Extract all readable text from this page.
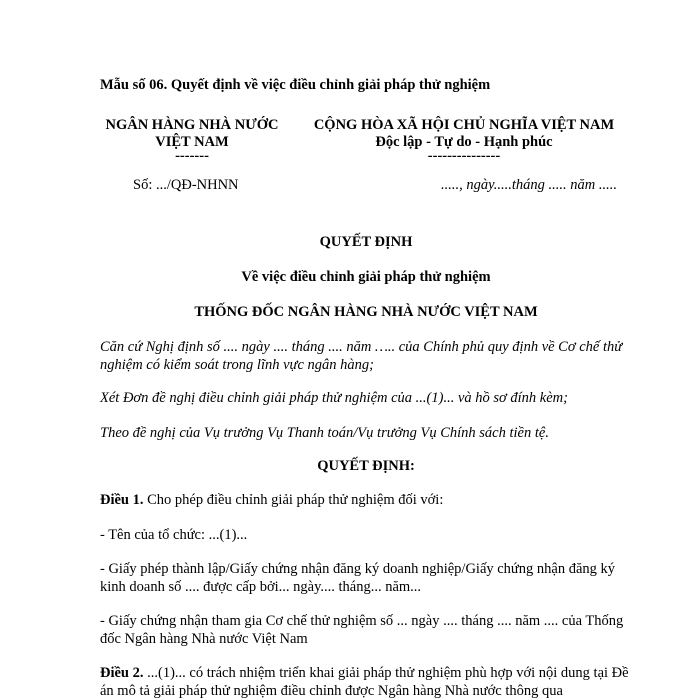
Mẫu số 06. Quyết định về việc điều chỉnh giải pháp thử nghiệm
NGÂN HÀNG NHÀ NƯỚC
VIỆT NAM
-------
Số: .../QĐ-NHNN
CỘNG HÒA XÃ HỘI CHỦ NGHĨA VIỆT NAM
Độc lập - Tự do - Hạnh phúc
---------------
....., ngày.....tháng ..... năm .....
QUYẾT ĐỊNH
Về việc điều chỉnh giải pháp thử nghiệm
THỐNG ĐỐC NGÂN HÀNG NHÀ NƯỚC VIỆT NAM
Căn cứ Nghị định số .... ngày .... tháng .... năm ….. của Chính phủ quy định về Cơ chế thử nghiệm có kiểm soát trong lĩnh vực ngân hàng;
Xét Đơn đề nghị điều chỉnh giải pháp thử nghiệm của ...(1)... và hồ sơ đính kèm;
Theo đề nghị của Vụ trưởng Vụ Thanh toán/Vụ trưởng Vụ Chính sách tiền tệ.
QUYẾT ĐỊNH:
Điều 1. Cho phép điều chỉnh giải pháp thử nghiệm đối với:
- Tên của tổ chức: ...(1)...
- Giấy phép thành lập/Giấy chứng nhận đăng ký doanh nghiệp/Giấy chứng nhận đăng ký kinh doanh số .... được cấp bởi... ngày.... tháng... năm...
- Giấy chứng nhận tham gia Cơ chế thử nghiệm số ... ngày .... tháng .... năm .... của Thống đốc Ngân hàng Nhà nước Việt Nam
Điều 2. ...(1)... có trách nhiệm triển khai giải pháp thử nghiệm phù hợp với nội dung tại Đề án mô tả giải pháp thử nghiệm điều chỉnh được Ngân hàng Nhà nước thông qua
